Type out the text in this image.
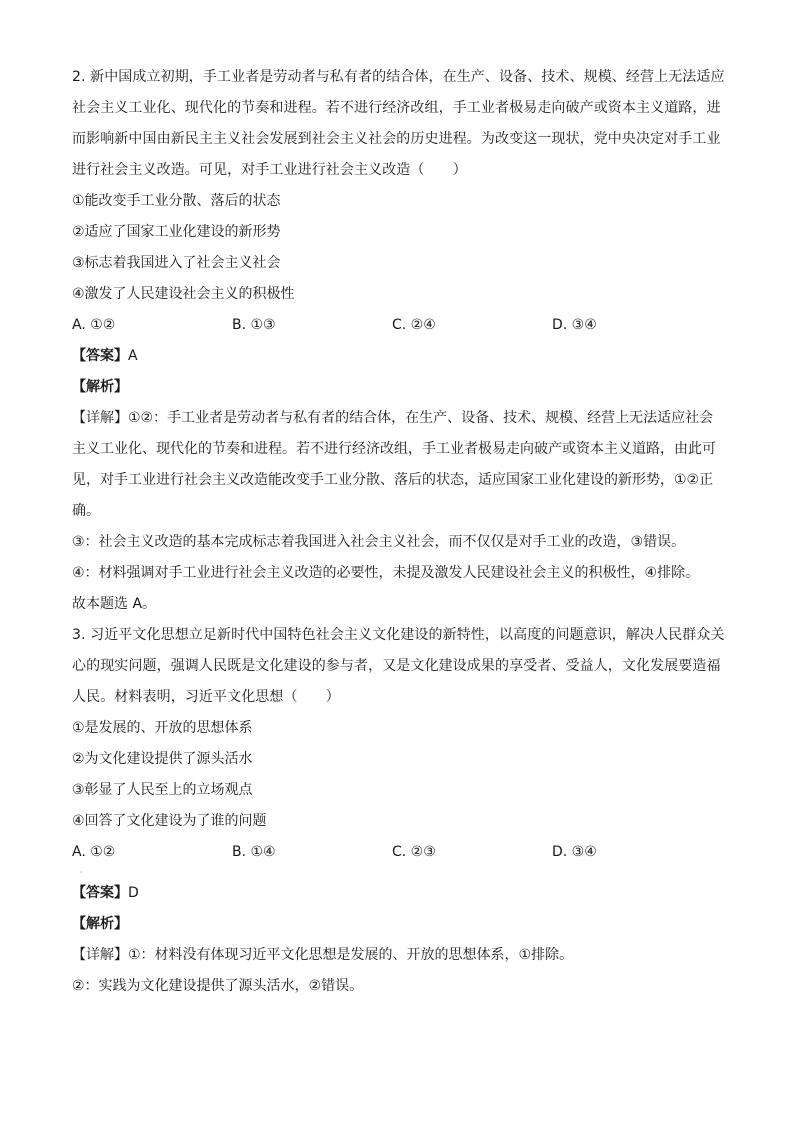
2. 新中国成立初期，手工业者是劳动者与私有者的结合体，在生产、设备、技术、规模、经营上无法适应

社会主义工业化、现代化的节奏和进程。若不进行经济改组，手工业者极易走向破产或资本主义道路，进

而影响新中国由新民主主义社会发展到社会主义社会的历史进程。为改变这一现状，党中央决定对手工业

进行社会主义改造。可见，对手工业进行社会主义改造（　　）

①能改变手工业分散、落后的状态

②适应了国家工业化建设的新形势

③标志着我国进入了社会主义社会

④激发了人民建设社会主义的积极性

A. ①②	B. ①③	C. ②④	D. ③④

【答案】A

【解析】

【详解】①②：手工业者是劳动者与私有者的结合体，在生产、设备、技术、规模、经营上无法适应社会

主义工业化、现代化的节奏和进程。若不进行经济改组，手工业者极易走向破产或资本主义道路，由此可

见，对手工业进行社会主义改造能改变手工业分散、落后的状态，适应国家工业化建设的新形势，①②正

确。

③：社会主义改造的基本完成标志着我国进入社会主义社会，而不仅仅是对手工业的改造，③错误。

④：材料强调对手工业进行社会主义改造的必要性，未提及激发人民建设社会主义的积极性，④排除。

故本题选 A。

3. 习近平文化思想立足新时代中国特色社会主义文化建设的新特性，以高度的问题意识，解决人民群众关

心的现实问题，强调人民既是文化建设的参与者，又是文化建设成果的享受者、受益人，文化发展要造福

人民。材料表明，习近平文化思想（　　）

①是发展的、开放的思想体系

②为文化建设提供了源头活水

③彰显了人民至上的立场观点

④回答了文化建设为了谁的问题

A. ①②	B. ①④	C. ②③	D. ③④
·

【答案】D

【解析】

【详解】①：材料没有体现习近平文化思想是发展的、开放的思想体系，①排除。

②：实践为文化建设提供了源头活水，②错误。
